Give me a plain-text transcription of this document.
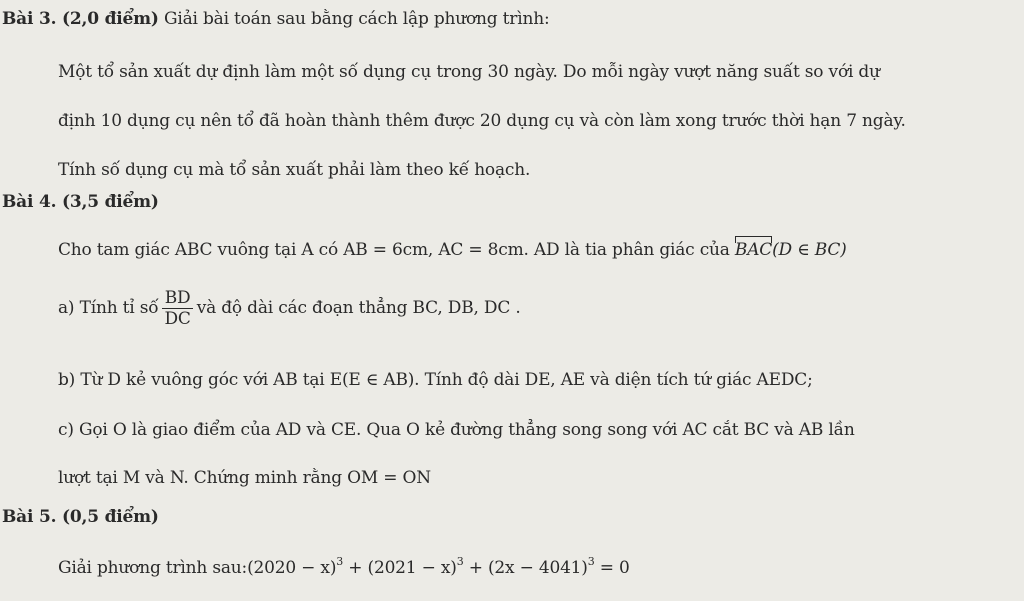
Bài 3. (2,0 điểm) Giải bài toán sau bằng cách lập phương trình:
Một tổ sản xuất dự định làm một số dụng cụ trong 30 ngày. Do mỗi ngày vượt năng suất so với dự
định 10 dụng cụ nên tổ đã hoàn thành thêm được 20 dụng cụ và còn làm xong trước thời hạn 7 ngày.
Tính số dụng cụ mà tổ sản xuất phải làm theo kế hoạch.
Bài 4. (3,5 điểm)
Cho tam giác ABC vuông tại A có AB = 6cm, AC = 8cm. AD là tia phân giác của BAC(D ∈ BC)
a) Tính tỉ số $\frac{BD}{DC}$ và độ dài các đoạn thẳng BC, DB, DC .
b) Từ D kẻ vuông góc với AB tại E(E ∈ AB). Tính độ dài DE, AE và diện tích tứ giác AEDC;
c) Gọi O là giao điểm của AD và CE. Qua O kẻ đường thẳng song song với AC cắt BC và AB lần
lượt tại M và N. Chứng minh rằng OM = ON
Bài 5. (0,5 điểm)
Giải phương trình sau:(2020 − $x)^3 + (2021 - x)^3 + (2x - 4041)^3 = 0$
